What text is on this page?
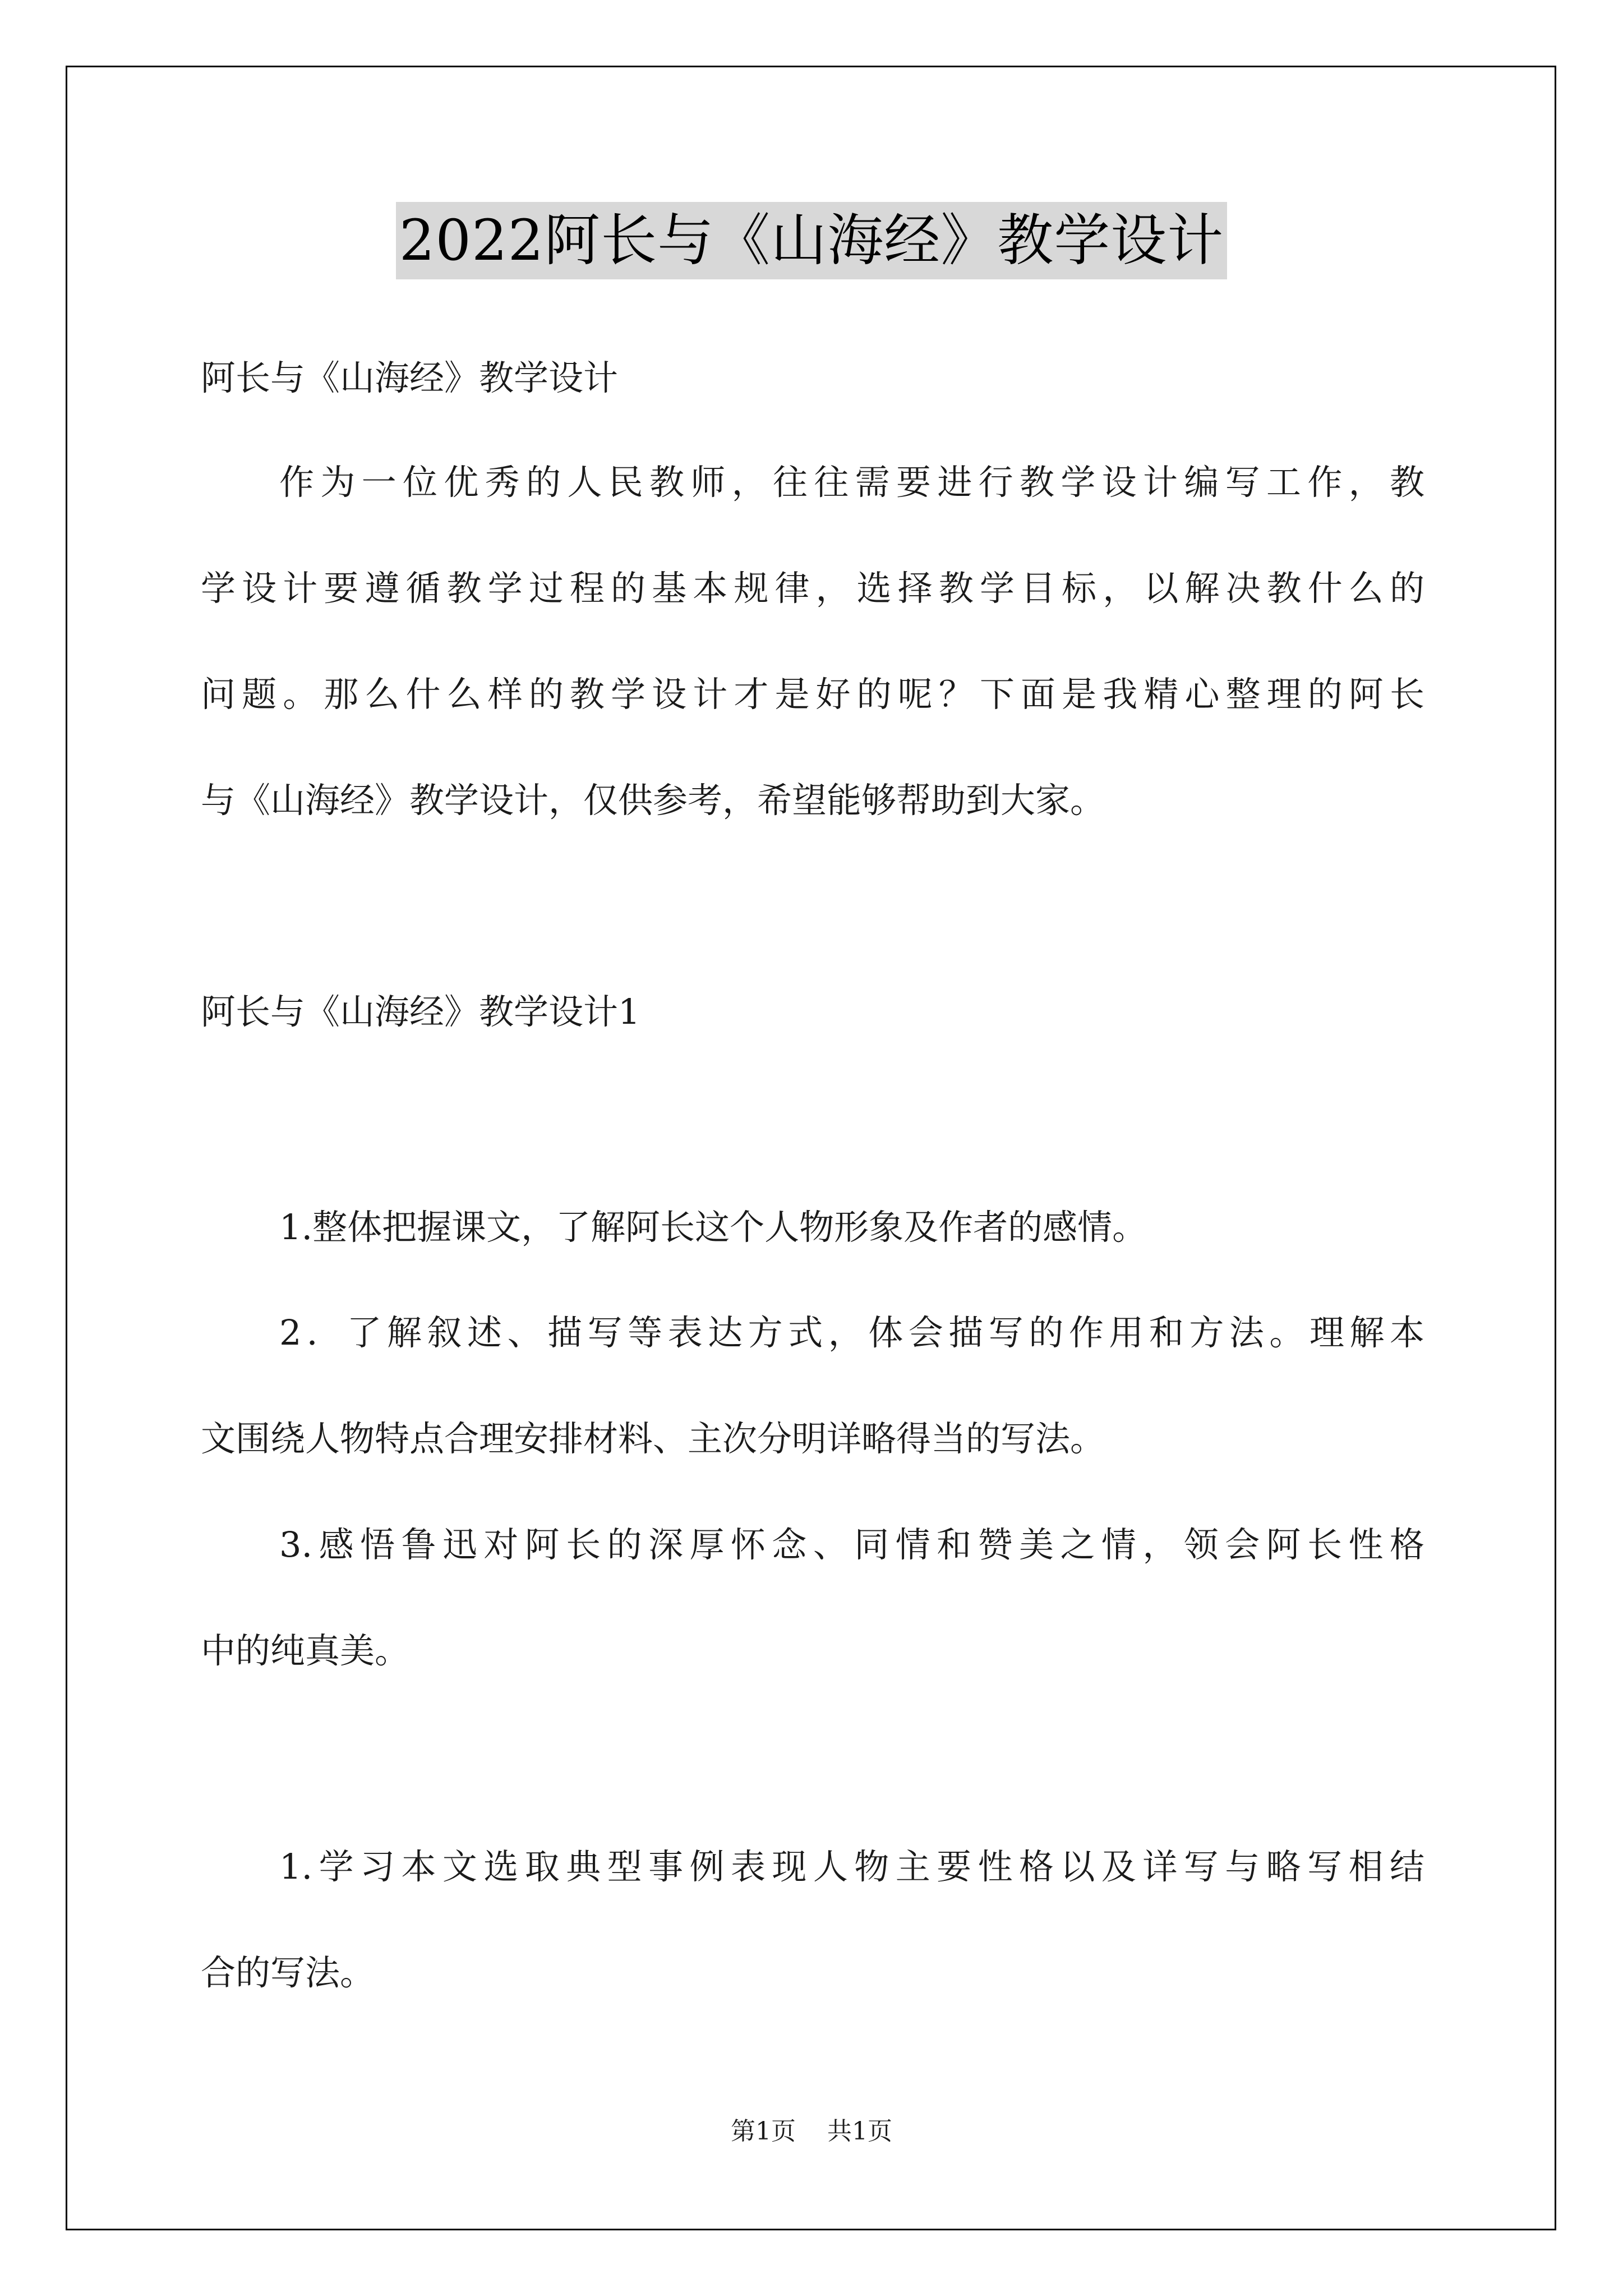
2022阿长与《山海经》教学设计
阿长与《山海经》教学设计
作为一位优秀的人民教师，往往需要进行教学设计编写工作，教
学设计要遵循教学过程的基本规律，选择教学目标，以解决教什么的
问题。那么什么样的教学设计才是好的呢？下面是我精心整理的阿长
与《山海经》教学设计，仅供参考，希望能够帮助到大家。
阿长与《山海经》教学设计1
1.整体把握课文，了解阿长这个人物形象及作者的感情。
2．了解叙述、描写等表达方式，体会描写的作用和方法。理解本
文围绕人物特点合理安排材料、主次分明详略得当的写法。
3.感悟鲁迅对阿长的深厚怀念、同情和赞美之情，领会阿长性格
中的纯真美。
1.学习本文选取典型事例表现人物主要性格以及详写与略写相结
合的写法。
第1页 共1页
